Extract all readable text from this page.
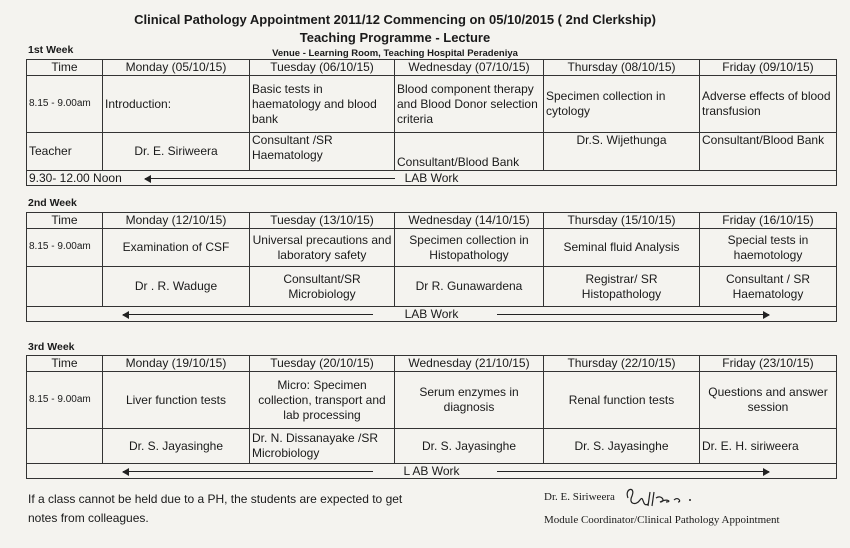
Clinical Pathology Appointment 2011/12 Commencing on 05/10/2015 ( 2nd Clerkship)
Teaching Programme - Lecture
Venue - Learning Room, Teaching Hospital Peradeniya
1st Week
Time	Monday (05/10/15)	Tuesday (06/10/15)	Wednesday (07/10/15)	Thursday (08/10/15)	Friday (09/10/15)
8.15 - 9.00am	Introduction:	Basic tests in haematology and blood bank	Blood component therapy and Blood Donor selection criteria	Specimen collection in cytology	Adverse effects of blood transfusion
Teacher	Dr. E. Siriweera	Consultant /SR Haematology	Consultant/Blood Bank	Dr.S. Wijethunga	Consultant/Blood Bank

9.30- 12.00 Noon LAB Work					
2nd Week
Time	Monday (12/10/15)	Tuesday (13/10/15)	Wednesday (14/10/15)	Thursday (15/10/15)	Friday (16/10/15)
8.15 - 9.00am	Examination of CSF	Universal precautions and laboratory safety	Specimen collection in Histopathology	Seminal fluid Analysis	Special tests in haemotology
	Dr . R. Waduge	Consultant/SR Microbiology	Dr R. Gunawardena	Registrar/ SR Histopathology	Consultant / SR Haematology

LAB Work					
3rd Week
Time	Monday (19/10/15)	Tuesday (20/10/15)	Wednesday (21/10/15)	Thursday (22/10/15)	Friday (23/10/15)
8.15 - 9.00am	Liver function tests	Micro: Specimen collection, transport and lab processing	Serum enzymes in diagnosis	Renal function tests	Questions and answer session
	Dr. S. Jayasinghe	Dr. N. Dissanayake /SR Microbiology	Dr. S. Jayasinghe	Dr. S. Jayasinghe	Dr. E. H. siriweera

L AB Work					
If a class cannot be held due to a PH, the students are expected to get notes from colleagues.
Dr. E. Siriweera
Module Coordinator/Clinical Pathology Appointment
